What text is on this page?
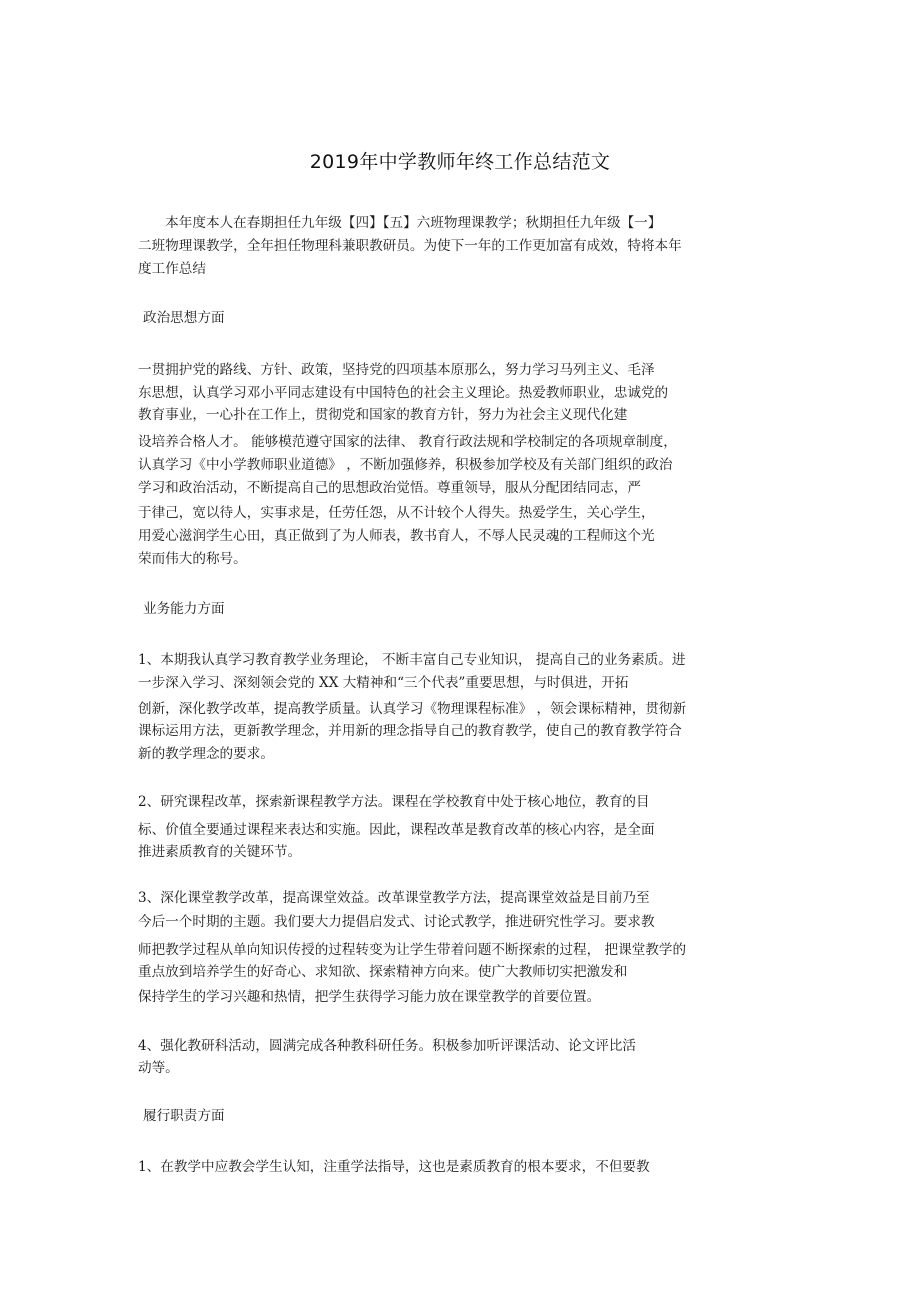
2019年中学教师年终工作总结范文
　　本年度本人在春期担任九年级【四】【五】六班物理课教学；秋期担任九年级【一】
二班物理课教学，全年担任物理科兼职教研员。为使下一年的工作更加富有成效，特将本年
度工作总结
政治思想方面
一贯拥护党的路线、方针、政策，坚持党的四项基本原那么，努力学习马列主义、毛泽
东思想，认真学习邓小平同志建设有中国特色的社会主义理论。热爱教师职业，忠诚党的
教育事业，一心扑在工作上，贯彻党和国家的教育方针，努力为社会主义现代化建
设培养合格人才。 能够模范遵守国家的法律、 教育行政法规和学校制定的各项规章制度，
认真学习《中小学教师职业道德》 ，不断加强修养，积极参加学校及有关部门组织的政治
学习和政治活动，不断提高自己的思想政治觉悟。尊重领导，服从分配团结同志，严
于律己，宽以待人，实事求是，任劳任怨，从不计较个人得失。热爱学生，关心学生，
用爱心滋润学生心田，真正做到了为人师表，教书育人，不辱人民灵魂的工程师这个光
荣而伟大的称号。
业务能力方面
1、本期我认真学习教育教学业务理论， 不断丰富自己专业知识， 提高自己的业务素质。进
一步深入学习、深刻领会党的 XX 大精神和“三个代表”重要思想，与时俱进，开拓
创新，深化教学改革，提高教学质量。认真学习《物理课程标准》 ，领会课标精神，贯彻新
课标运用方法，更新教学理念，并用新的理念指导自己的教育教学，使自己的教育教学符合
新的教学理念的要求。
2、研究课程改革，探索新课程教学方法。课程在学校教育中处于核心地位，教育的目
标、价值全要通过课程来表达和实施。因此，课程改革是教育改革的核心内容，是全面
推进素质教育的关键环节。
3、深化课堂教学改革，提高课堂效益。改革课堂教学方法，提高课堂效益是目前乃至
今后一个时期的主题。我们要大力提倡启发式、讨论式教学，推进研究性学习。要求教
师把教学过程从单向知识传授的过程转变为让学生带着问题不断探索的过程， 把课堂教学的
重点放到培养学生的好奇心、求知欲、探索精神方向来。使广大教师切实把激发和
保持学生的学习兴趣和热情，把学生获得学习能力放在课堂教学的首要位置。
4、强化教研科活动，圆满完成各种教科研任务。积极参加听评课活动、论文评比活
动等。
履行职责方面
1、在教学中应教会学生认知，注重学法指导，这也是素质教育的根本要求，不但要教
